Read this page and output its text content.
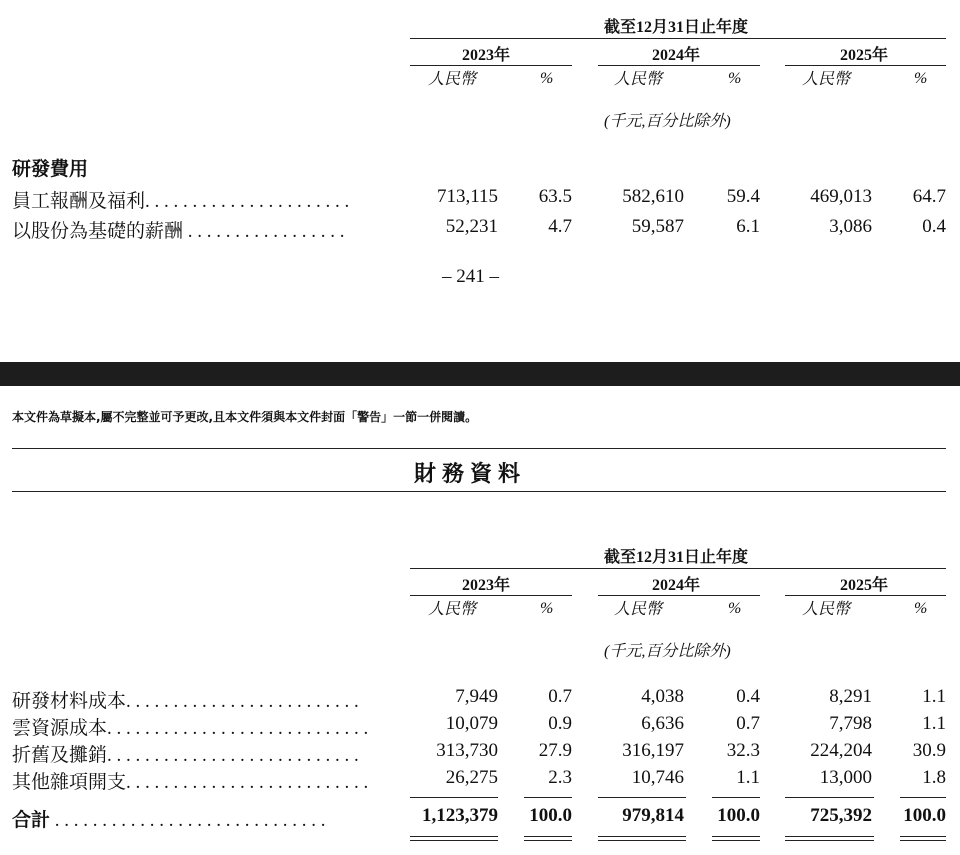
截至12月31日止年度
2023年	2024年	2025年
人民幣	%	人民幣	%	人民幣	%
(千元,百分比除外)
研發費用
員工報酬及福利. . . . . . . . . . . . . . . . . . . . . .	713,115 63.5	582,610 59.4	469,013 64.7
以股份為基礎的薪酬 . . . . . . . . . . . . . . . . .	52,231	4.7	59,587	6.1	3,086	0.4
– 241 –
本文件為草擬本,屬不完整並可予更改,且本文件須與本文件封面「警告」一節一併閱讀。
財務資料
截至12月31日止年度
2023年	2024年	2025年
人民幣	%	人民幣	%	人民幣	%
(千元,百分比除外)
研發材料成本. . . . . . . . . . . . . . . . . . . . . . . . .	7,949	0.7	4,038	0.4	8,291	1.1
雲資源成本. . . . . . . . . . . . . . . . . . . . . . . . . . . .	10,079	0.9	6,636	0.7	7,798	1.1
折舊及攤銷. . . . . . . . . . . . . . . . . . . . . . . . . . .	313,730 27.9	316,197 32.3	224,204 30.9
其他雜項開支. . . . . . . . . . . . . . . . . . . . . . . . . .	26,275	2.3	10,746	1.1	13,000	1.8
合計 . . . . . . . . . . . . . . . . . . . . . . . . . . . . .	1,123,379 100.0	979,814 100.0	725,392 100.0
